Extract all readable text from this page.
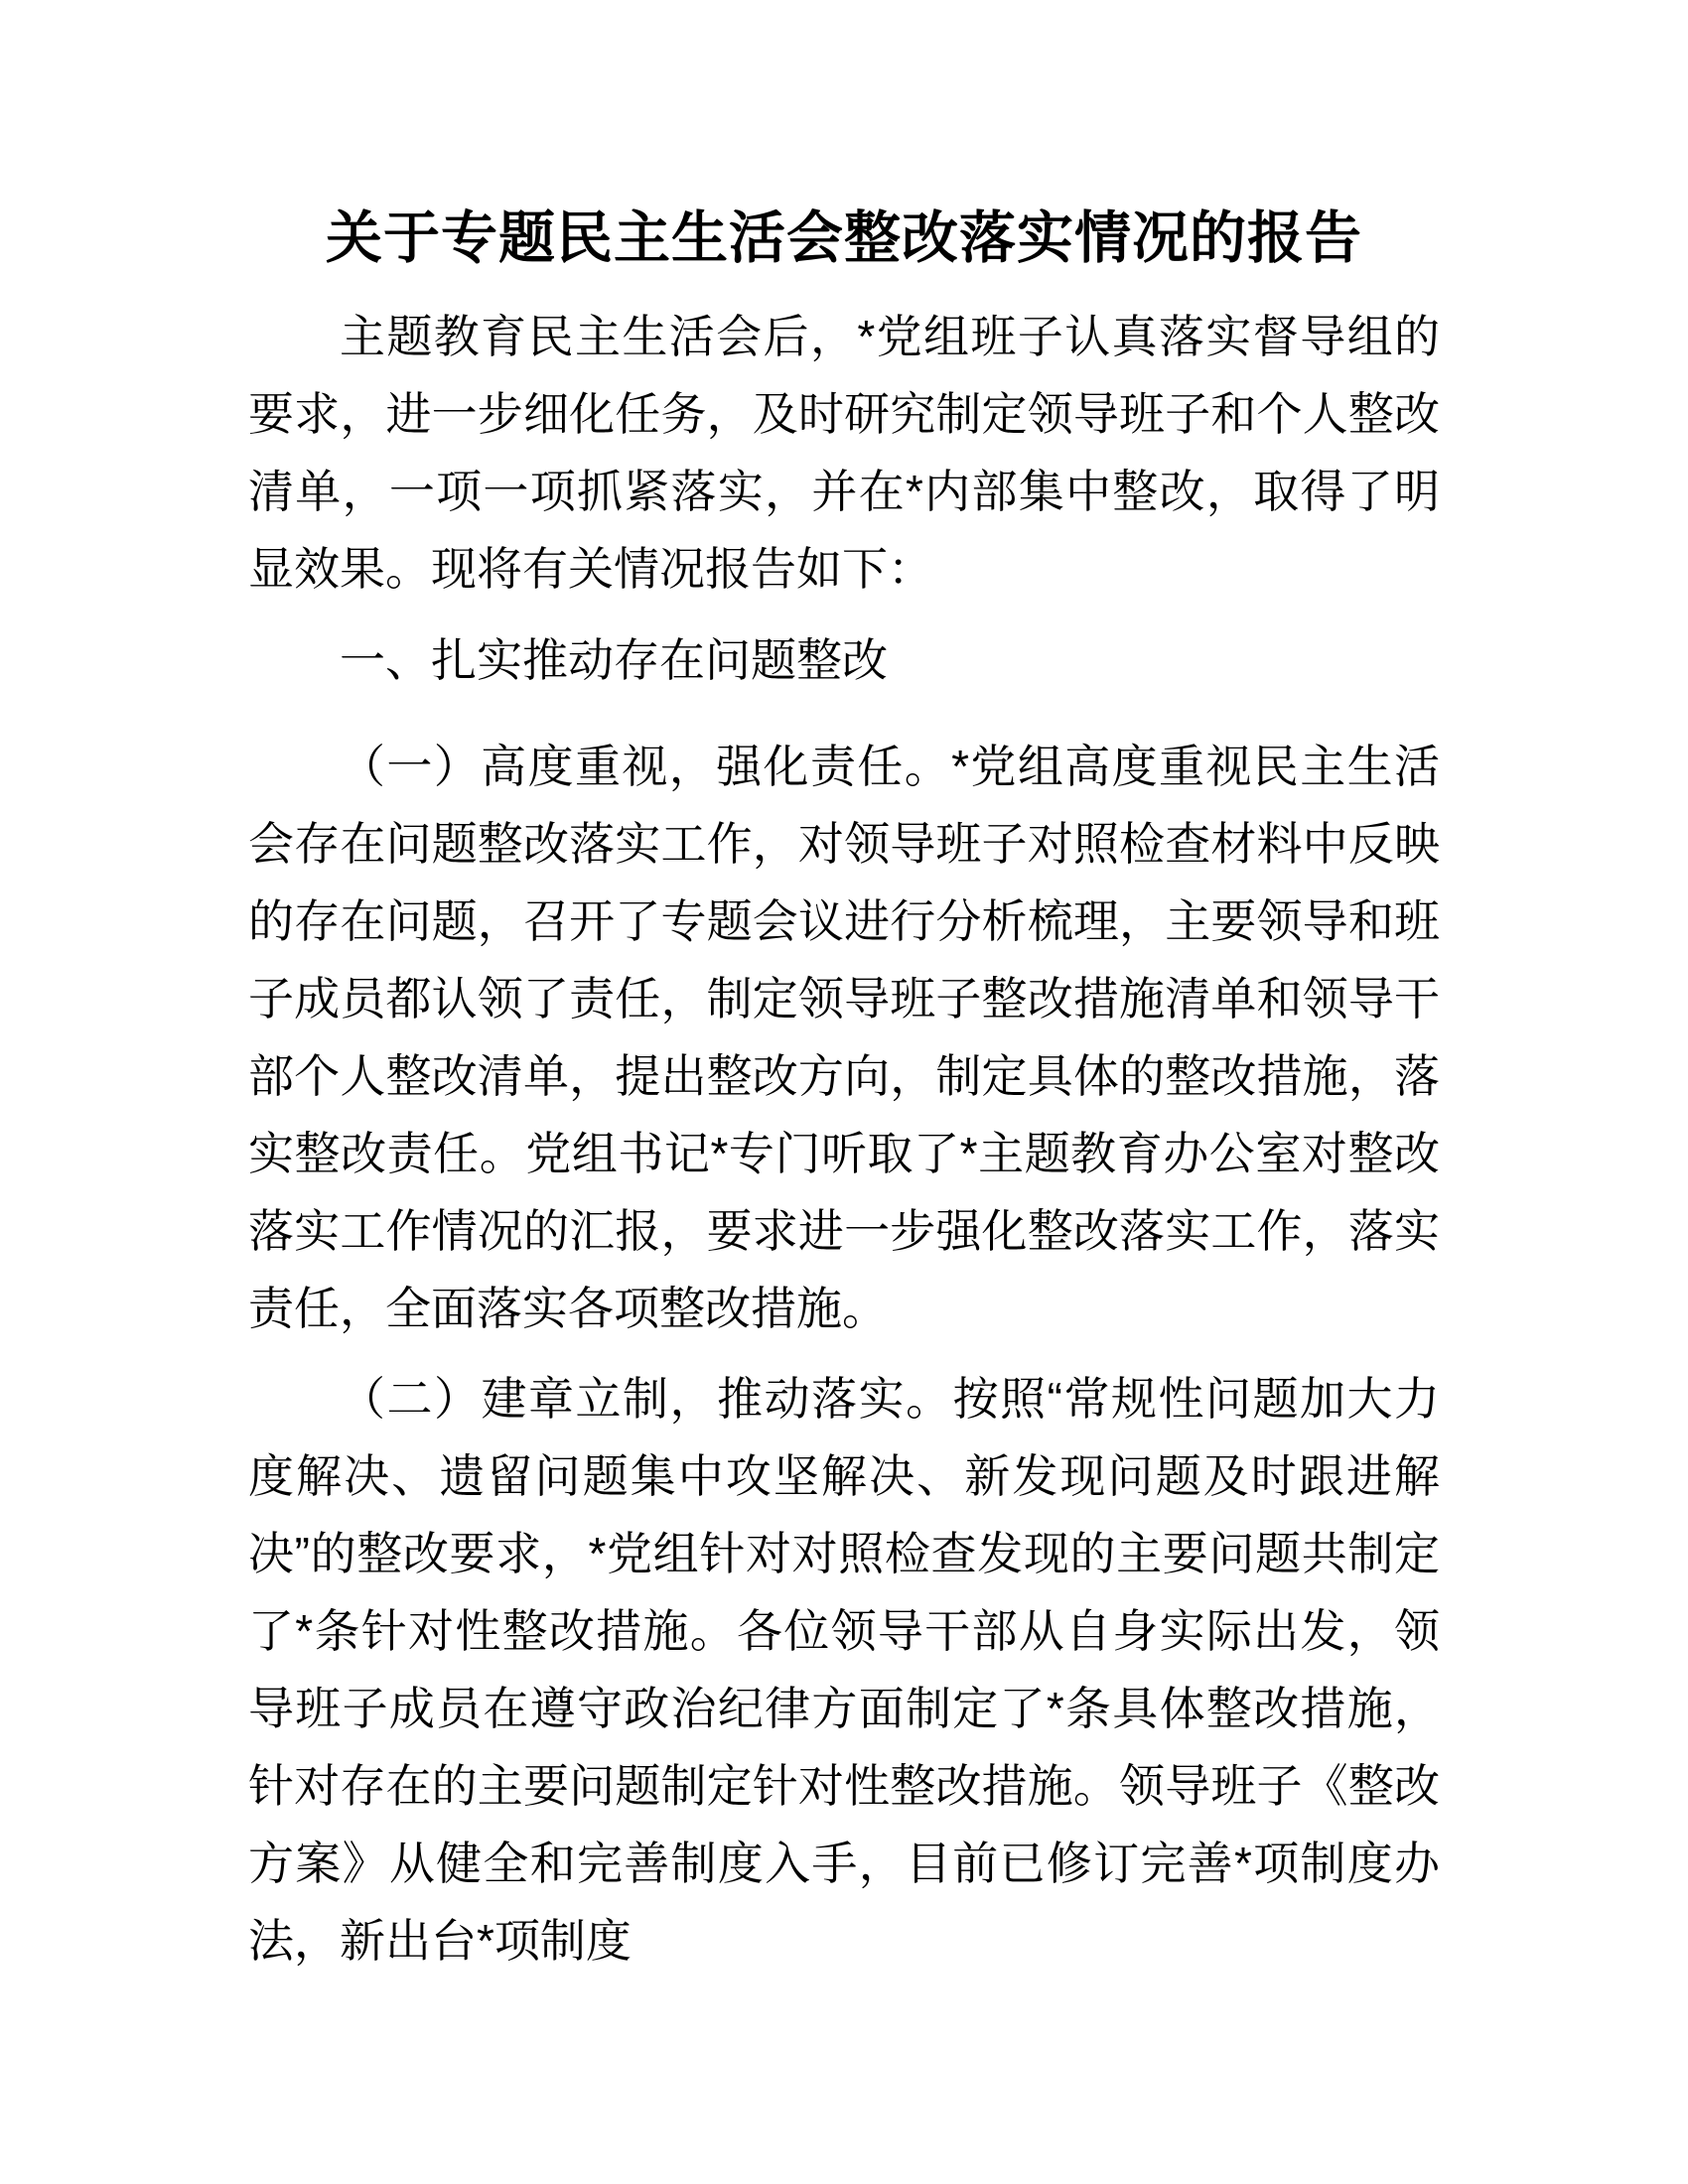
关于专题民主生活会整改落实情况的报告

主题教育民主生活会后，*党组班子认真落实督导组的要求，进一步细化任务，及时研究制定领导班子和个人整改清单，一项一项抓紧落实，并在*内部集中整改，取得了明显效果。现将有关情况报告如下：

一、扎实推动存在问题整改

（一）高度重视，强化责任。*党组高度重视民主生活会存在问题整改落实工作，对领导班子对照检查材料中反映的存在问题，召开了专题会议进行分析梳理，主要领导和班子成员都认领了责任，制定领导班子整改措施清单和领导干部个人整改清单，提出整改方向，制定具体的整改措施，落实整改责任。党组书记*专门听取了*主题教育办公室对整改落实工作情况的汇报，要求进一步强化整改落实工作，落实责任，全面落实各项整改措施。

（二）建章立制，推动落实。按照“常规性问题加大力度解决、遗留问题集中攻坚解决、新发现问题及时跟进解决”的整改要求，*党组针对对照检查发现的主要问题共制定了*条针对性整改措施。各位领导干部从自身实际出发，领导班子成员在遵守政治纪律方面制定了*条具体整改措施，针对存在的主要问题制定针对性整改措施。领导班子《整改方案》从健全和完善制度入手，目前已修订完善*项制度办法，新出台*项制度
